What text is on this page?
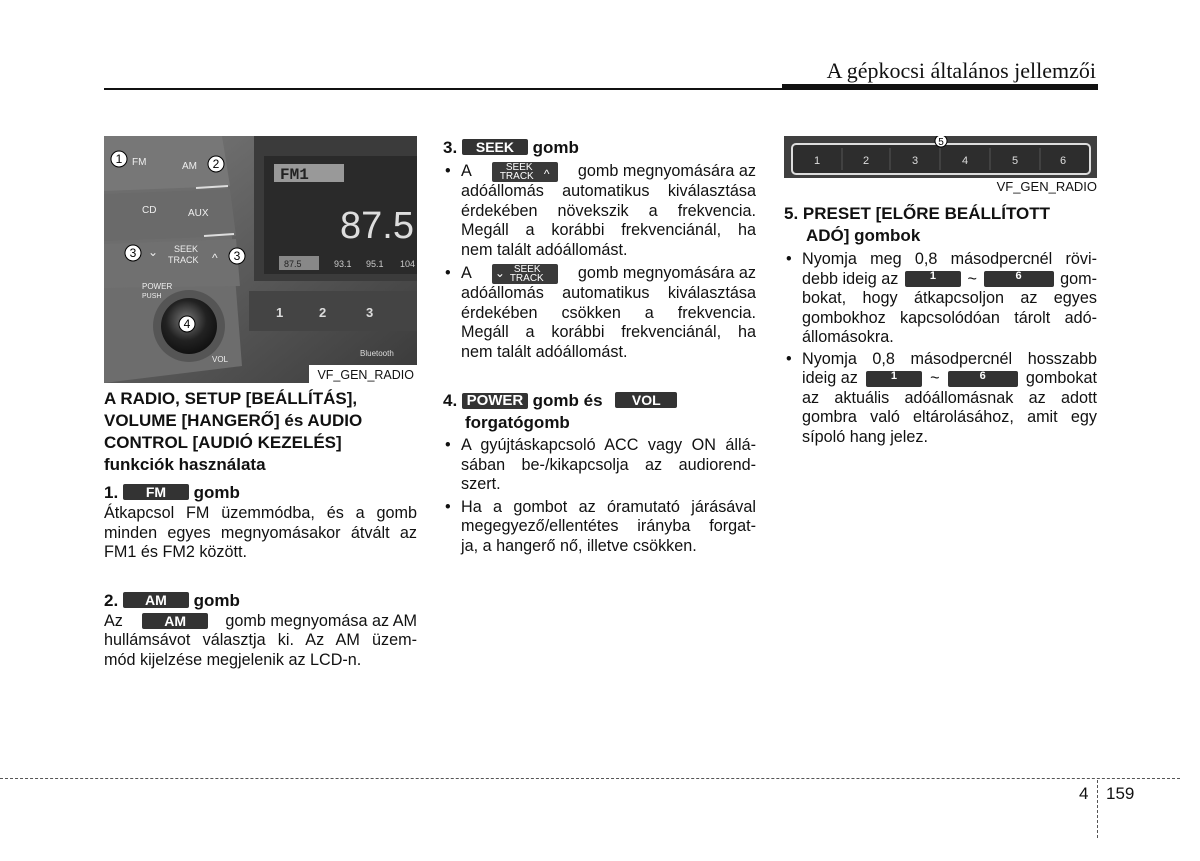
A gépkocsi általános jellemzői
FM	AM
CD	AUX
SEEK
TRACK
⌄	^
POWER
PUSH
VOL
FM1
87.5
87.5	93.1 95.1 104
1	2	3
Bluetooth
1	2
3	3
4
VF_GEN_RADIO
1	2	3	4	5	6
5
VF_GEN_RADIO
A RADIO, SETUP [BEÁLLÍTÁS],
VOLUME [HANGERŐ] és AUDIO
CONTROL [AUDIÓ KEZELÉS]
funkciók használata
1. FM gomb

Átkapcsol FM üzemmódba, és a gomb

minden egyes megnyomásakor átvált az

FM1 és FM2 között.

2. AM gomb

Az	AM	gomb megnyomása az AM

hullámsávot választja ki. Az AM üzem-

mód kijelzése megjelenik az LCD-n.

3. SEEK gomb
• A	SEEK
TRACK ^ gomb megnyomására az
adóállomás automatikus kiválasztása
érdekében növekszik a frekvencia.
Megáll a korábbi frekvenciánál, ha
nem talált adóállomást.
• A ⌄ SEEK
TRACK gomb megnyomására az
adóállomás automatikus kiválasztása
érdekében csökken a frekvencia.
Megáll a korábbi frekvenciánál, ha
nem talált adóállomást.
4. POWER gomb és VOL
forgatógomb
• A gyújtáskapcsoló ACC vagy ON állá-
sában be-/kikapcsolja az audiorend-
szert.
• Ha a gombot az óramutató járásával
megegyező/ellentétes irányba forgat-
ja, a hangerő nő, illetve csökken.
5. PRESET [ELŐRE BEÁLLÍTOTT
ADÓ] gombok
• Nyomja meg 0,8 másodpercnél rövi-
debb ideig az	1	~	6	gom-
bokat, hogy átkapcsoljon az egyes
gombokhoz kapcsolódóan tárolt adó-
állomásokra.
• Nyomja 0,8 másodpercnél hosszabb
ideig az	1	~	6	gombokat
az aktuális adóállomásnak az adott
gombra való eltárolásához, amit egy
sípoló hang jelez.
4 159
